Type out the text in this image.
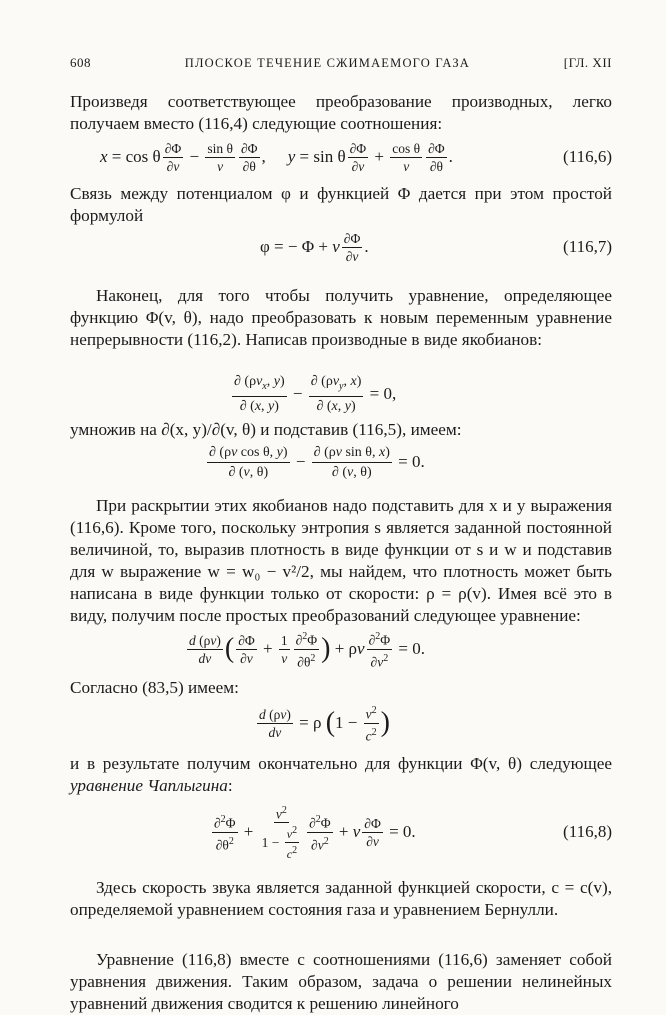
608	ПЛОСКОЕ ТЕЧЕНИЕ СЖИМАЕМОГО ГАЗА	[ГЛ. XII

Произведя соответствующее преобразование производных, легко получаем вместо (116,4) следующие соотношения:

x = cos θ $\frac{\partial\Phi}{\partial v} - \frac{\text{sin θ}}{v} \frac{\partial\Phi}{\partial\theta}$ , y = sin θ $\frac{\partial\Phi}{\partial v} + \frac{\text{cos θ}}{v} \frac{\partial\Phi}{\partial\theta}$ .	(116,6)

Связь между потенциалом φ и функцией Φ дается при этом простой формулой

φ = − Φ + v $\frac{\partial\Phi}{\partial v}$ .	(116,7)

Наконец, для того чтобы получить уравнение, определяющее функцию Φ(v, θ), надо преобразовать к новым переменным уравнение непрерывности (116,2). Написав производные в виде якобианов:

$\frac{\partial (\rho v_x, y)}{\partial (x, y)} - \frac{\partial (\rho v_y, x)}{\partial (x, y)} = 0$,

умножив на ∂(x, y)/∂(v, θ) и подставив (116,5), имеем:

$\frac{\text{∂ (ρv cos θ, y)}}{\partial (v, \theta)} - \frac{\text{∂ (ρv sin θ, x)}}{\partial (v, \theta)} = 0$.

При раскрытии этих якобианов надо подставить для x и y выражения (116,6). Кроме того, поскольку энтропия s является заданной постоянной величиной, то, выразив плотность в виде функции от s и w и подставив для w выражение w = w₀ − v²/2, мы найдем, что плотность может быть написана в виде функции только от скорости: ρ = ρ(v). Имея всё это в виду, получим после простых преобразований следующее уравнение:

$\frac{d (\rho v)}{dv}$ ( $\frac{\partial\Phi}{\partial v} + \frac{1}{v} \frac{\partial^2\Phi}{\partial\theta^2}$ ) + ρv $\frac{\partial^2\Phi}{\partial v^2} = 0$.

Согласно (83,5) имеем:

$\frac{d (\rho v)}{dv} = \rho$ ( $1 - \frac{v^2}{c^2}$ )

и в результате получим окончательно для функции Φ(v, θ) следующее уравнение Чаплыгина:

$\frac{\partial^2\Phi}{\partial\theta^2} + \frac{v^2}{1 - \frac{v^2}{c^2}} \frac{\partial^2\Phi}{\partial v^2} + v \frac{\partial\Phi}{\partial v} = 0$.	(116,8)

Здесь скорость звука является заданной функцией скорости, c = c(v), определяемой уравнением состояния газа и уравнением Бернулли.

Уравнение (116,8) вместе с соотношениями (116,6) заменяет собой уравнения движения. Таким образом, задача о решении нелинейных уравнений движения сводится к решению линейного
